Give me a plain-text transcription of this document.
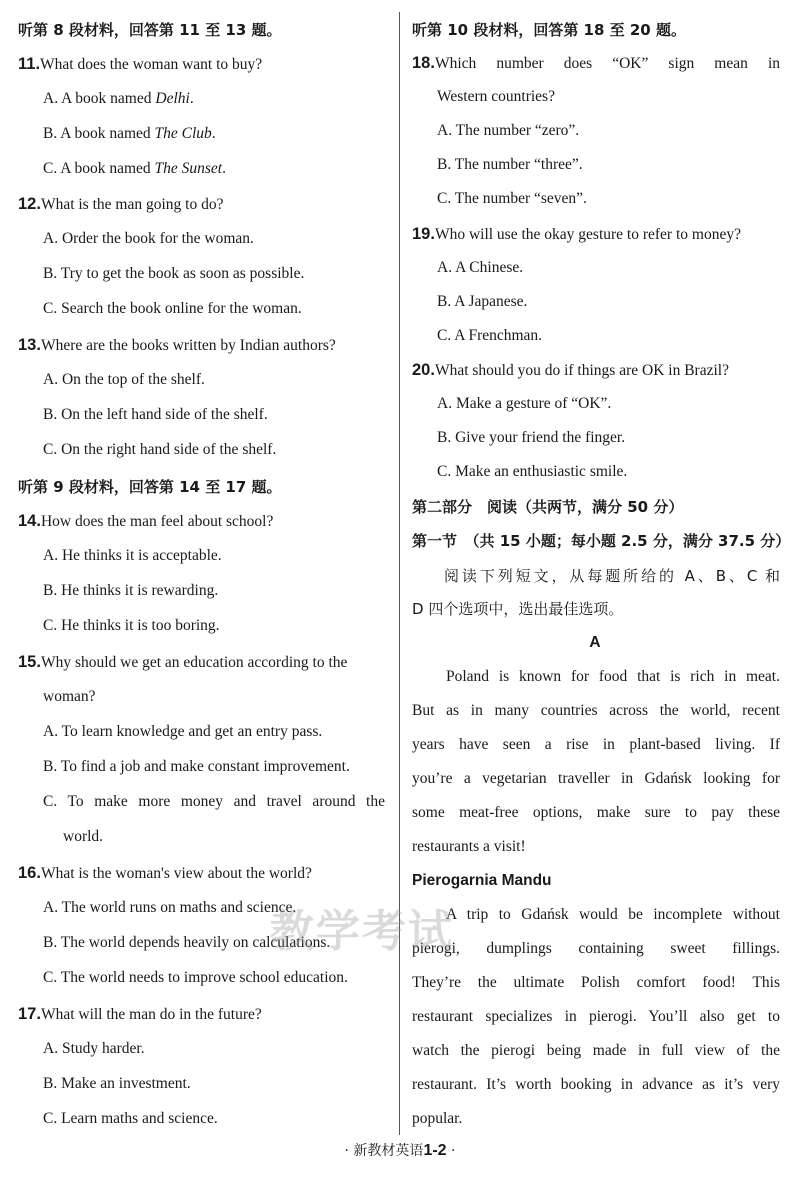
听第 8 段材料，回答第 11 至 13 题。
11.What does the woman want to buy?
A. A book named Delhi.
B. A book named The Club.
C. A book named The Sunset.
12.What is the man going to do?
A. Order the book for the woman.
B. Try to get the book as soon as possible.
C. Search the book online for the woman.
13.Where are the books written by Indian authors?
A. On the top of the shelf.
B. On the left hand side of the shelf.
C. On the right hand side of the shelf.
听第 9 段材料，回答第 14 至 17 题。
14.How does the man feel about school?
A. He thinks it is acceptable.
B. He thinks it is rewarding.
C. He thinks it is too boring.
15.Why should we get an education according to the
woman?
A. To learn knowledge and get an entry pass.
B. To find a job and make constant improvement.
C. To make more money and travel around the
world.
16.What is the woman's view about the world?
A. The world runs on maths and science.
B. The world depends heavily on calculations.
C. The world needs to improve school education.
17.What will the man do in the future?
A. Study harder.
B. Make an investment.
C. Learn maths and science.
听第 10 段材料，回答第 18 至 20 题。
18.Which number does “OK” sign mean in
Western countries?
A. The number “zero”.
B. The number “three”.
C. The number “seven”.
19.Who will use the okay gesture to refer to money?
A. A Chinese.
B. A Japanese.
C. A Frenchman.
20.What should you do if things are OK in Brazil?
A. Make a gesture of “OK”.
B. Give your friend the finger.
C. Make an enthusiastic smile.
第二部分　阅读（共两节，满分 50 分）
第一节　（共 15 小题；每小题 2.5 分，满分 37.5 分）
阅读下列短文，从每题所给的 A、B、C 和
D 四个选项中，选出最佳选项。
A
Poland is known for food that is rich in meat.
But as in many countries across the world, recent
years have seen a rise in plant-based living. If
you’re a vegetarian traveller in Gdańsk looking for
some meat-free options, make sure to pay these
restaurants a visit!
Pierogarnia Mandu
A trip to Gdańsk would be incomplete without
pierogi, dumplings containing sweet fillings.
They’re the ultimate Polish comfort food! This
restaurant specializes in pierogi. You’ll also get to
watch the pierogi being made in full view of the
restaurant. It’s worth booking in advance as it’s very
popular.
教学考试
· 新教材英语1-2 ·
